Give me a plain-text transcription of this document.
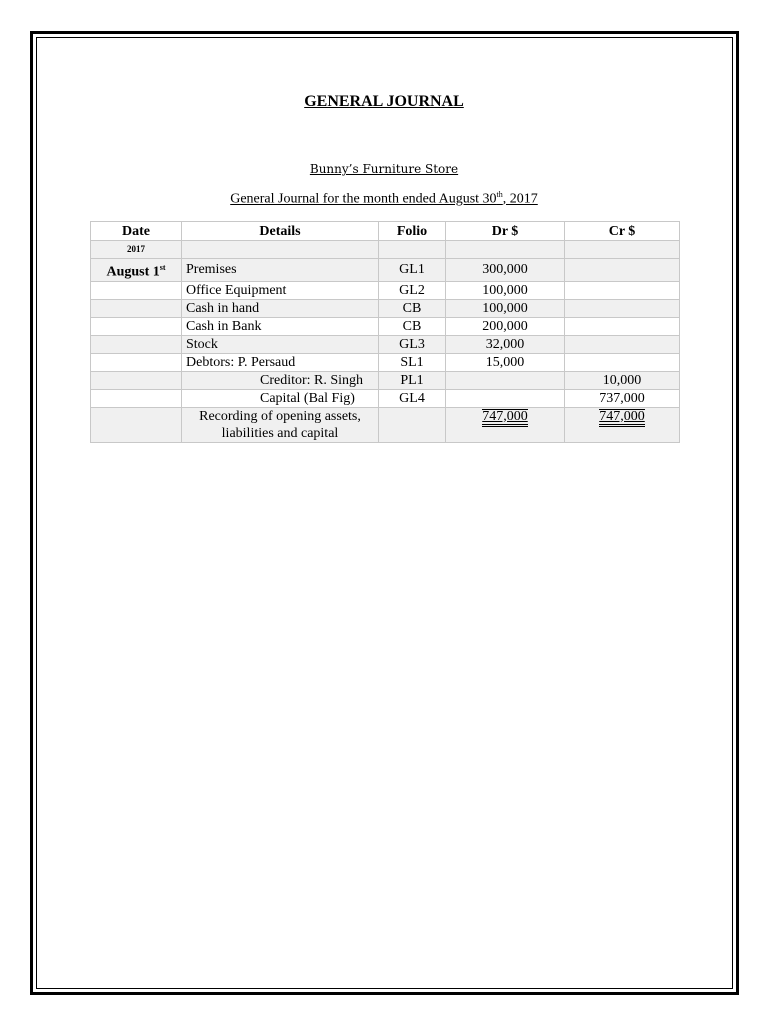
GENERAL JOURNAL
Bunny’s Furniture Store
General Journal for the month ended August 30th, 2017
Date	Details	Folio	Dr $	Cr $

2017				

August 1st	Premises	GL1	300,000	
	Office Equipment	GL2	100,000	
	Cash in hand	CB	100,000	
	Cash in Bank	CB	200,000	
	Stock	GL3	32,000	
	Debtors: P. Persaud	SL1	15,000	
	Creditor: R. Singh	PL1		10,000
	Capital (Bal Fig)	GL4		737,000
	Recording of opening assets, liabilities and capital		747,000	747,000
